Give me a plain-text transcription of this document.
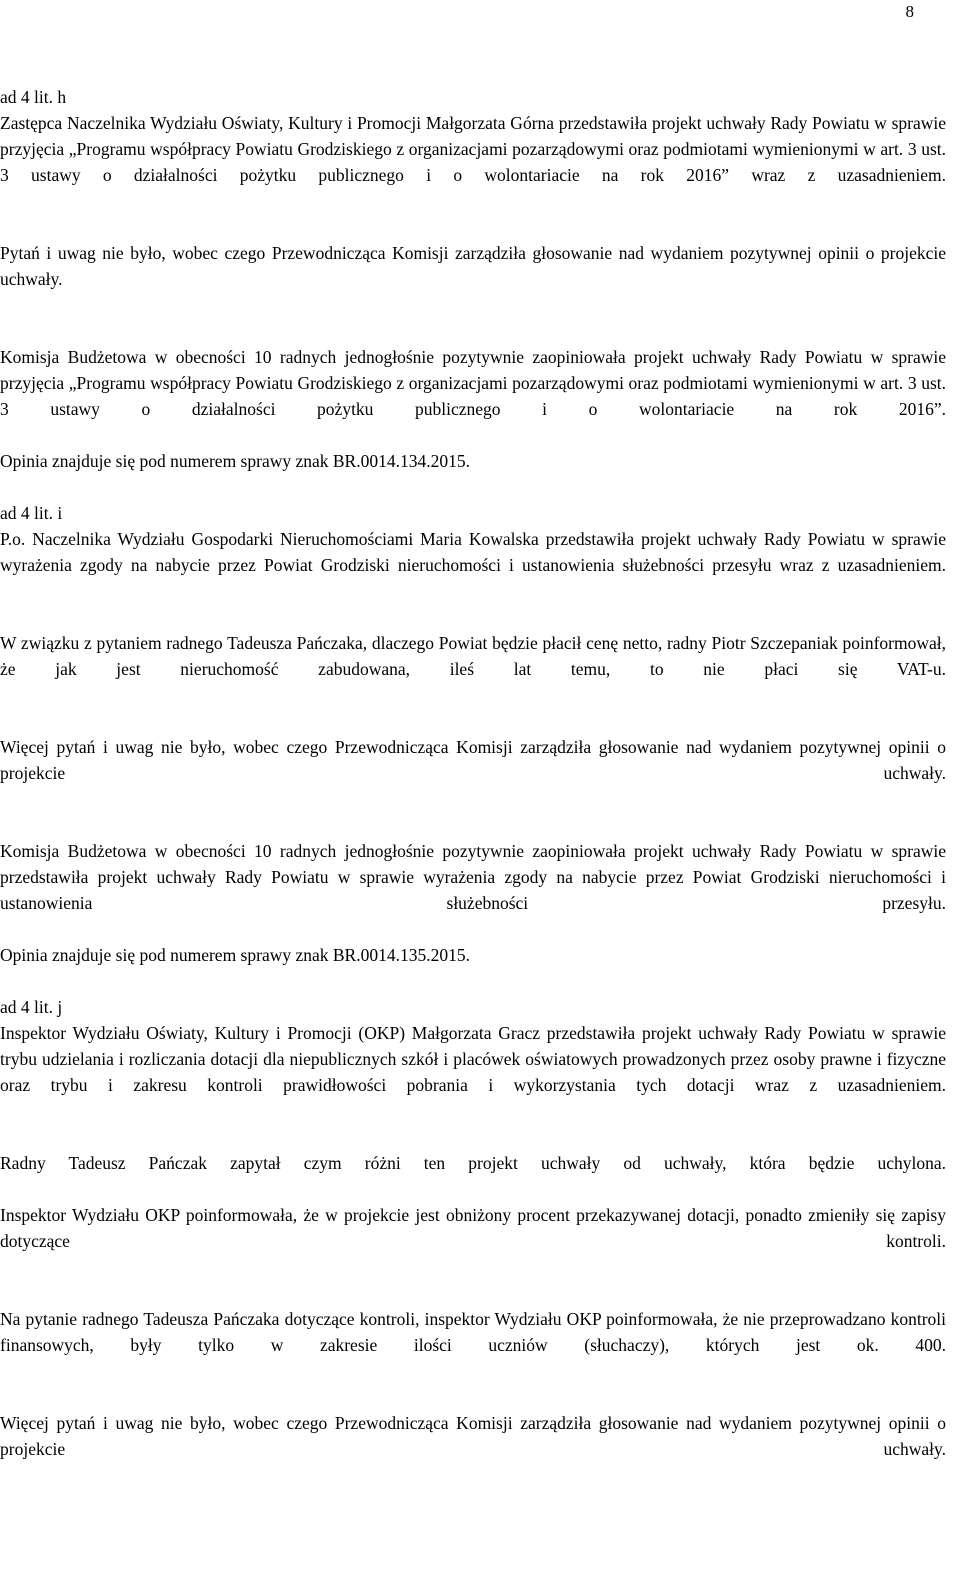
8

ad 4 lit. h

Zastępca Naczelnika Wydziału Oświaty, Kultury i Promocji Małgorzata Górna przedstawiła projekt uchwały Rady Powiatu w sprawie przyjęcia „Programu współpracy Powiatu Grodziskiego z organizacjami pozarządowymi oraz podmiotami wymienionymi w art. 3 ust. 3 ustawy o działalności pożytku publicznego i o wolontariacie na rok 2016” wraz z uzasadnieniem.

Pytań i uwag nie było, wobec czego Przewodnicząca Komisji zarządziła głosowanie nad wydaniem pozytywnej opinii o projekcie uchwały.

Komisja Budżetowa w obecności 10 radnych jednogłośnie pozytywnie zaopiniowała projekt uchwały Rady Powiatu w sprawie przyjęcia „Programu współpracy Powiatu Grodziskiego z organizacjami pozarządowymi oraz podmiotami wymienionymi w art. 3 ust. 3 ustawy o działalności pożytku publicznego i o wolontariacie na rok 2016”.

Opinia znajduje się pod numerem sprawy znak BR.0014.134.2015.

ad 4 lit. i

P.o. Naczelnika Wydziału Gospodarki Nieruchomościami Maria Kowalska przedstawiła projekt uchwały Rady Powiatu w sprawie wyrażenia zgody na nabycie przez Powiat Grodziski nieruchomości i ustanowienia służebności przesyłu wraz z uzasadnieniem.

W związku z pytaniem radnego Tadeusza Pańczaka, dlaczego Powiat będzie płacił cenę netto, radny Piotr Szczepaniak poinformował, że jak jest nieruchomość zabudowana, ileś lat temu, to nie płaci się VAT-u.

Więcej pytań i uwag nie było, wobec czego Przewodnicząca Komisji zarządziła głosowanie nad wydaniem pozytywnej opinii o projekcie uchwały.

Komisja Budżetowa w obecności 10 radnych jednogłośnie pozytywnie zaopiniowała projekt uchwały Rady Powiatu w sprawie przedstawiła projekt uchwały Rady Powiatu w sprawie wyrażenia zgody na nabycie przez Powiat Grodziski nieruchomości i ustanowienia służebności przesyłu.

Opinia znajduje się pod numerem sprawy znak BR.0014.135.2015.

ad 4 lit. j

Inspektor Wydziału Oświaty, Kultury i Promocji (OKP) Małgorzata Gracz przedstawiła projekt uchwały Rady Powiatu w sprawie trybu udzielania i rozliczania dotacji dla niepublicznych szkół i placówek oświatowych prowadzonych przez osoby prawne i fizyczne oraz trybu i zakresu kontroli prawidłowości pobrania i wykorzystania tych dotacji wraz z uzasadnieniem.

Radny Tadeusz Pańczak zapytał czym różni ten projekt uchwały od uchwały, która będzie uchylona.

Inspektor Wydziału OKP poinformowała, że w projekcie jest obniżony procent przekazywanej dotacji, ponadto zmieniły się zapisy dotyczące kontroli.

Na pytanie radnego Tadeusza Pańczaka dotyczące kontroli, inspektor Wydziału OKP poinformowała, że nie przeprowadzano kontroli finansowych, były tylko w zakresie ilości uczniów (słuchaczy), których jest ok. 400.

Więcej pytań i uwag nie było, wobec czego Przewodnicząca Komisji zarządziła głosowanie nad wydaniem pozytywnej opinii o projekcie uchwały.
